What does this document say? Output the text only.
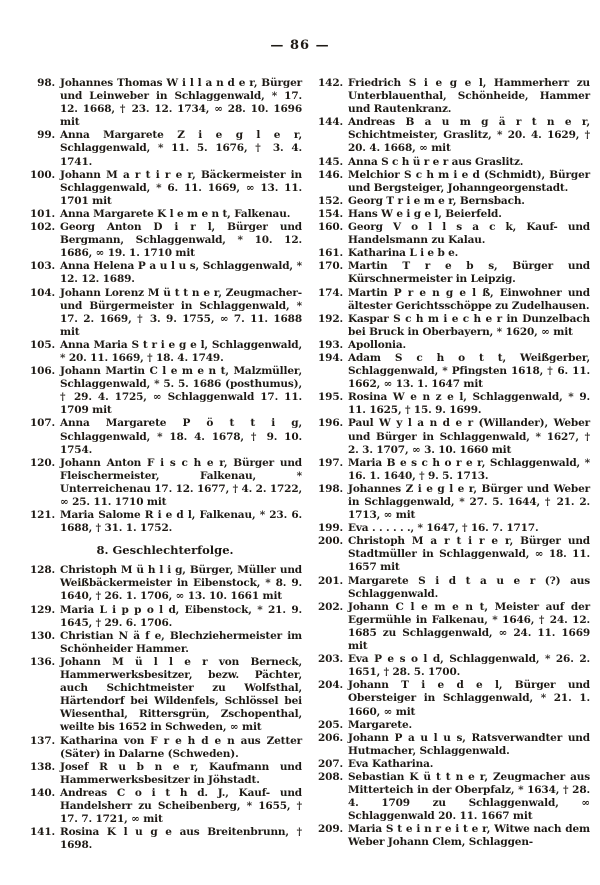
— 86 —
98. Johannes Thomas W i l l a n d e r, Bürger und Leinweber in Schlaggenwald, * 17. 12. 1668, † 23. 12. 1734, ∞ 28. 10. 1696 mit
99. Anna Margarete Z i e g l e r, Schlaggenwald, * 11. 5. 1676, † 3. 4. 1741.
100. Johann M a r t i r e r, Bäckermeister in Schlaggenwald, * 6. 11. 1669, ∞ 13. 11. 1701 mit
101. Anna Margarete K l e m e n t, Falkenau.
102. Georg Anton D i r l, Bürger und Bergmann, Schlaggenwald, * 10. 12. 1686, ∞ 19. 1. 1710 mit
103. Anna Helena P a u l u s, Schlaggenwald, * 12. 12. 1689.
104. Johann Lorenz M ü t t n e r, Zeugmacher- und Bürgermeister in Schlaggenwald, * 17. 2. 1669, † 3. 9. 1755, ∞ 7. 11. 1688 mit
105. Anna Maria S t r i e g e l, Schlaggenwald, * 20. 11. 1669, † 18. 4. 1749.
106. Johann Martin C l e m e n t, Malzmüller, Schlaggenwald, * 5. 5. 1686 (posthumus), † 29. 4. 1725, ∞ Schlaggenwald 17. 11. 1709 mit
107. Anna Margarete P ö t t i g, Schlaggenwald, * 18. 4. 1678, † 9. 10. 1754.
120. Johann Anton F i s c h e r, Bürger und Fleischermeister, Falkenau, * Unterreichenau 17. 12. 1677, † 4. 2. 1722, ∞ 25. 11. 1710 mit
121. Maria Salome R i e d l, Falkenau, * 23. 6. 1688, † 31. 1. 1752.
8. Geschlechterfolge.
128. Christoph M ü h l i g, Bürger, Müller und Weißbäckermeister in Eibenstock, * 8. 9. 1640, † 26. 1. 1706, ∞ 13. 10. 1661 mit
129. Maria L i p p o l d, Eibenstock, * 21. 9. 1645, † 29. 6. 1706.
130. Christian N ä f e, Blechziehermeister im Schönheider Hammer.
136. Johann M ü l l e r von Berneck, Hammerwerksbesitzer, bezw. Pächter, auch Schichtmeister zu Wolfsthal, Härtendorf bei Wildenfels, Schlössel bei Wiesenthal, Rittersgrün, Zschopenthal, weilte bis 1652 in Schweden, ∞ mit
137. Katharina von F r e h d e n aus Zetter (Säter) in Dalarne (Schweden).
138. Josef R u b n e r, Kaufmann und Hammerwerksbesitzer in Jöhstadt.
140. Andreas C o i t h d. J., Kauf- und Handelsherr zu Scheibenberg, * 1655, † 17. 7. 1721, ∞ mit
141. Rosina K l u g e aus Breitenbrunn, † 1698.
142. Friedrich S i e g e l, Hammerherr zu Unterblauenthal, Schönheide, Hammer und Rautenkranz.
144. Andreas B a u m g ä r t n e r, Schichtmeister, Graslitz, * 20. 4. 1629, † 20. 4. 1668, ∞ mit
145. Anna S c h ü r e r aus Graslitz.
146. Melchior S c h m i e d (Schmidt), Bürger und Bergsteiger, Johanngeorgenstadt.
152. Georg T r i e m e r, Bernsbach.
154. Hans W e i g e l, Beierfeld.
160. Georg V o l l s a c k, Kauf- und Handelsmann zu Kalau.
161. Katharina L i e b e.
170. Martin T r e b s, Bürger und Kürschnermeister in Leipzig.
174. Martin P r e n g e l ß, Einwohner und ältester Gerichtsschöppe zu Zudelhausen.
192. Kaspar S c h m i e c h e r in Dunzelbach bei Bruck in Oberbayern, * 1620, ∞ mit
193. Apollonia.
194. Adam S c h o t t, Weißgerber, Schlaggenwald, * Pfingsten 1618, † 6. 11. 1662, ∞ 13. 1. 1647 mit
195. Rosina W e n z e l, Schlaggenwald, * 9. 11. 1625, † 15. 9. 1699.
196. Paul W y l a n d e r (Willander), Weber und Bürger in Schlaggenwald, * 1627, † 2. 3. 1707, ∞ 3. 10. 1660 mit
197. Maria B e s c h o r e r, Schlaggenwald, * 16. 1. 1640, † 9. 5. 1713.
198. Johannes Z i e g l e r, Bürger und Weber in Schlaggenwald, * 27. 5. 1644, † 21. 2. 1713, ∞ mit
199. Eva . . . . . ., * 1647, † 16. 7. 1717.
200. Christoph M a r t i r e r, Bürger und Stadtmüller in Schlaggenwald, ∞ 18. 11. 1657 mit
201. Margarete S i d t a u e r (?) aus Schlaggenwald.
202. Johann C l e m e n t, Meister auf der Egermühle in Falkenau, * 1646, † 24. 12. 1685 zu Schlaggenwald, ∞ 24. 11. 1669 mit
203. Eva P e s o l d, Schlaggenwald, * 26. 2. 1651, † 28. 5. 1700.
204. Johann T i e d e l, Bürger und Obersteiger in Schlaggenwald, * 21. 1. 1660, ∞ mit
205. Margarete.
206. Johann P a u l u s, Ratsverwandter und Hutmacher, Schlaggenwald.
207. Eva Katharina.
208. Sebastian K ü t t n e r, Zeugmacher aus Mitterteich in der Oberpfalz, * 1634, † 28. 4. 1709 zu Schlaggenwald, ∞ Schlaggenwald 20. 11. 1667 mit
209. Maria S t e i n r e i t e r, Witwe nach dem Weber Johann Clem, Schlaggen-
